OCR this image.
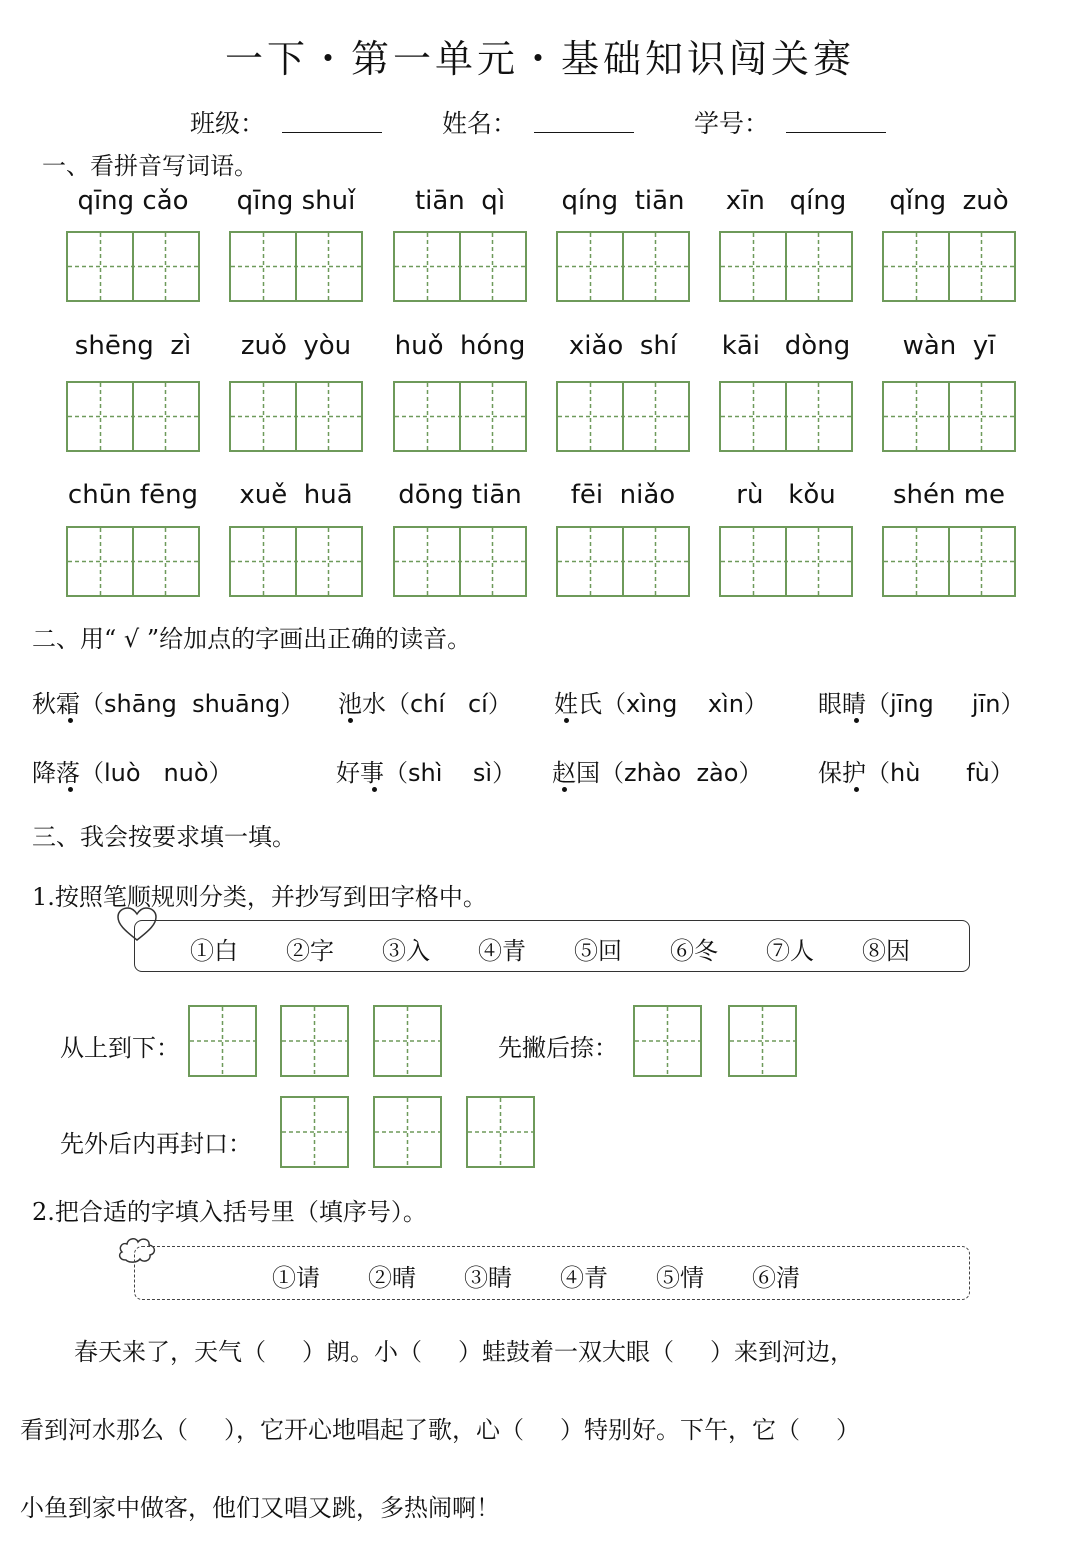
一下・第一单元・基础知识闯关赛
班级： ________ 姓名： ________ 学号： ________
一、看拼音写词语。
qīng cǎo	qīng shuǐ	tiān  qì	qíng  tiān	xīn   qíng	qǐng  zuò
shēng  zì	zuǒ  yòu	huǒ  hóng	xiǎo  shí	kāi   dòng	wàn  yī
chūn fēng	xuě  huā	dōng tiān	fēi  niǎo	rù   kǒu	shén me
二、用“ √ ”给加点的字画出正确的读音。
秋霜（shāng  shuāng） 池水（chí   cí） 姓氏（xìng    xìn） 眼睛（jīng     jīn）
降落（luò   nuò）	好事（shì    sì） 赵国（zhào  zào） 保护（hù      fù）
三、我会按要求填一填。
1.按照笔顺规则分类，并抄写到田字格中。
①白 ②字 ③入 ④青 ⑤回 ⑥冬 ⑦人 ⑧因
从上到下：	先撇后捺：
先外后内再封口：
2.把合适的字填入括号里（填序号）。
①请 ②晴 ③睛 ④青 ⑤情 ⑥清
春天来了，天气（      ）朗。小（      ）蛙鼓着一双大眼（      ）来到河边，
看到河水那么（      ），它开心地唱起了歌，心（      ）特别好。下午，它（      ）
小鱼到家中做客，他们又唱又跳，多热闹啊！
